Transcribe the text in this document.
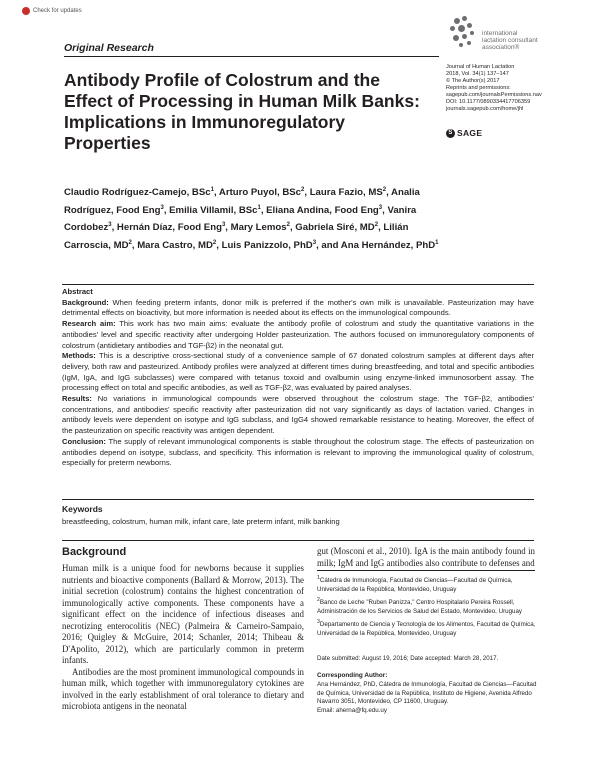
Check for updates
Original Research
international
lactation consultant
association®
Journal of Human Lactation
2018, Vol. 34(1) 137–147
© The Author(s) 2017
Reprints and permissions:
sagepub.com/journalsPermissions.nav
DOI: 10.1177/0890334417706359
journals.sagepub.com/home/jhl
S SAGE
Antibody Profile of Colostrum and the Effect of Processing in Human Milk Banks: Implications in Immunoregulatory Properties
Claudio Rodríguez-Camejo, BSc$^1$, Arturo Puyol, BSc$^2$, Laura Fazio, $MS^2$, Analia Rodríguez, Food Eng$^3$, Emilia Villamil, BSc$^1$, Eliana Andina, Food Eng$^3$, Vanira Cordobez$^3$, Hernán Díaz, Food Eng$^3$, Mary Lemos$^2$, Gabriela Siré, $MD^2$, Lilián Carroscia, $MD^2$, Mara Castro, $MD^2$, Luis Panizzolo, PhD$^3$, and Ana Hernández, PhD$^1$

Abstract

Background: When feeding preterm infants, donor milk is preferred if the mother's own milk is unavailable. Pasteurization may have detrimental effects on bioactivity, but more information is needed about its effects on the immunological compounds.

Research aim: This work has two main aims: evaluate the antibody profile of colostrum and study the quantitative variations in the antibodies' level and specific reactivity after undergoing Holder pasteurization. The authors focused on immunoregulatory components of colostrum (antidietary antibodies and TGF-β2) in the neonatal gut.

Methods: This is a descriptive cross-sectional study of a convenience sample of 67 donated colostrum samples at different days after delivery, both raw and pasteurized. Antibody profiles were analyzed at different times during breastfeeding, and total and specific antibodies (IgM, IgA, and IgG subclasses) were compared with tetanus toxoid and ovalbumin using enzyme-linked immunosorbent assay. The processing effect on total and specific antibodies, as well as TGF-β2, was evaluated by paired analyses.

Results: No variations in immunological compounds were observed throughout the colostrum stage. The TGF-β2, antibodies' concentrations, and antibodies' specific reactivity after pasteurization did not vary significantly as days of lactation varied. Changes in antibody levels were dependent on isotype and IgG subclass, and IgG4 showed remarkable resistance to heating. Moreover, the effect of the pasteurization on specific reactivity was antigen dependent.

Conclusion: The supply of relevant immunological components is stable throughout the colostrum stage. The effects of pasteurization on antibodies depend on isotype, subclass, and specificity. This information is relevant to improving the immunological quality of colostrum, especially for preterm newborns.

Keywords
breastfeeding, colostrum, human milk, infant care, late preterm infant, milk banking
Background

Human milk is a unique food for newborns because it supplies nutrients and bioactive components (Ballard & Morrow, 2013). The initial secretion (colostrum) contains the highest concentration of immunologically active components. These components have a significant effect on the incidence of infectious diseases and necrotizing enterocolitis (NEC) (Palmeira & Carneiro-Sampaio, 2016; Quigley & McGuire, 2014; Schanler, 2014; Thibeau & D'Apolito, 2012), which are particularly common in preterm infants.

Antibodies are the most prominent immunological compounds in human milk, which together with immunoregulatory cytokines are involved in the early establishment of oral tolerance to dietary and microbiota antigens in the neonatal

gut (Mosconi et al., 2010). IgA is the main antibody found in milk; IgM and IgG antibodies also contribute to defenses and

$^1$Cátedra de Inmunología, Facultad de Ciencias—Facultad de Química, Universidad de la República, Montevideo, Uruguay

$^2$Banco de Leche "Ruben Panizza," Centro Hospitalario Pereira Rossell, Administración de los Servicios de Salud del Estado, Montevideo, Uruguay

$^3$Departamento de Ciencia y Tecnología de los Alimentos, Facultad de Química, Universidad de la República, Montevideo, Uruguay

Date submitted: August 19, 2016; Date accepted: March 28, 2017.
Corresponding Author:

Ana Hernández, PhD, Cátedra de Inmunología, Facultad de Ciencias—Facultad de Química, Universidad de la República, Instituto de Higiene, Avenida Alfredo Navarro 3051, Montevideo, CP 11600, Uruguay.

Email: aherna@fq.edu.uy
